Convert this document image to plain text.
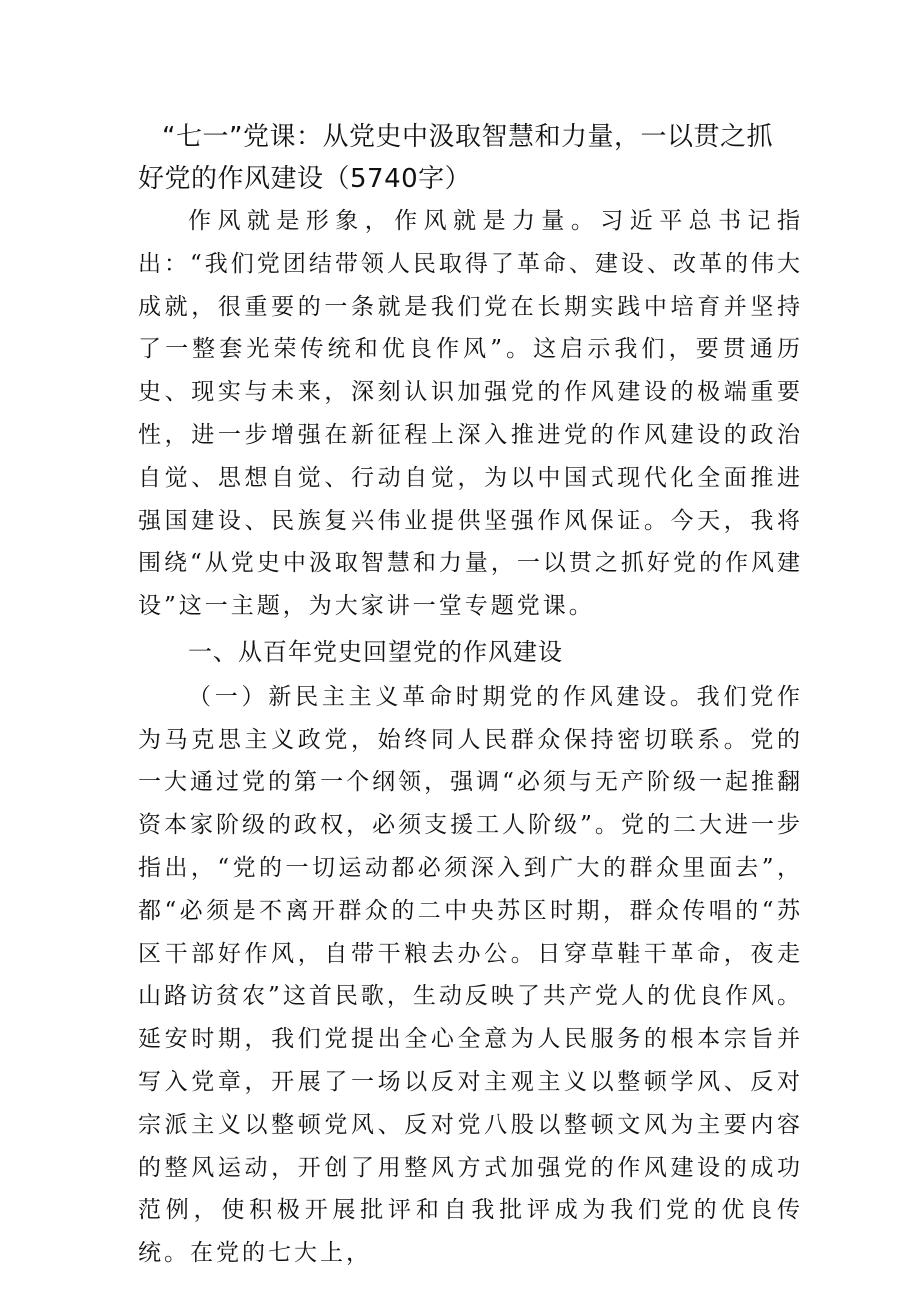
“七一”党课：从党史中汲取智慧和力量，一以贯之抓好党的作风建设（5740字）

作风就是形象，作风就是力量。习近平总书记指出：“我们党团结带领人民取得了革命、建设、改革的伟大成就，很重要的一条就是我们党在长期实践中培育并坚持了一整套光荣传统和优良作风”。这启示我们，要贯通历史、现实与未来，深刻认识加强党的作风建设的极端重要性，进一步增强在新征程上深入推进党的作风建设的政治自觉、思想自觉、行动自觉，为以中国式现代化全面推进强国建设、民族复兴伟业提供坚强作风保证。今天，我将围绕“从党史中汲取智慧和力量，一以贯之抓好党的作风建设”这一主题，为大家讲一堂专题党课。

一、从百年党史回望党的作风建设

（一）新民主主义革命时期党的作风建设。我们党作为马克思主义政党，始终同人民群众保持密切联系。党的一大通过党的第一个纲领，强调“必须与无产阶级一起推翻资本家阶级的政权，必须支援工人阶级”。党的二大进一步指出，“党的一切运动都必须深入到广大的群众里面去”，都“必须是不离开群众的二中央苏区时期，群众传唱的“苏区干部好作风，自带干粮去办公。日穿草鞋干革命，夜走山路访贫农”这首民歌，生动反映了共产党人的优良作风。延安时期，我们党提出全心全意为人民服务的根本宗旨并写入党章，开展了一场以反对主观主义以整顿学风、反对宗派主义以整顿党风、反对党八股以整顿文风为主要内容的整风运动，开创了用整风方式加强党的作风建设的成功范例，使积极开展批评和自我批评成为我们党的优良传统。在党的七大上，
